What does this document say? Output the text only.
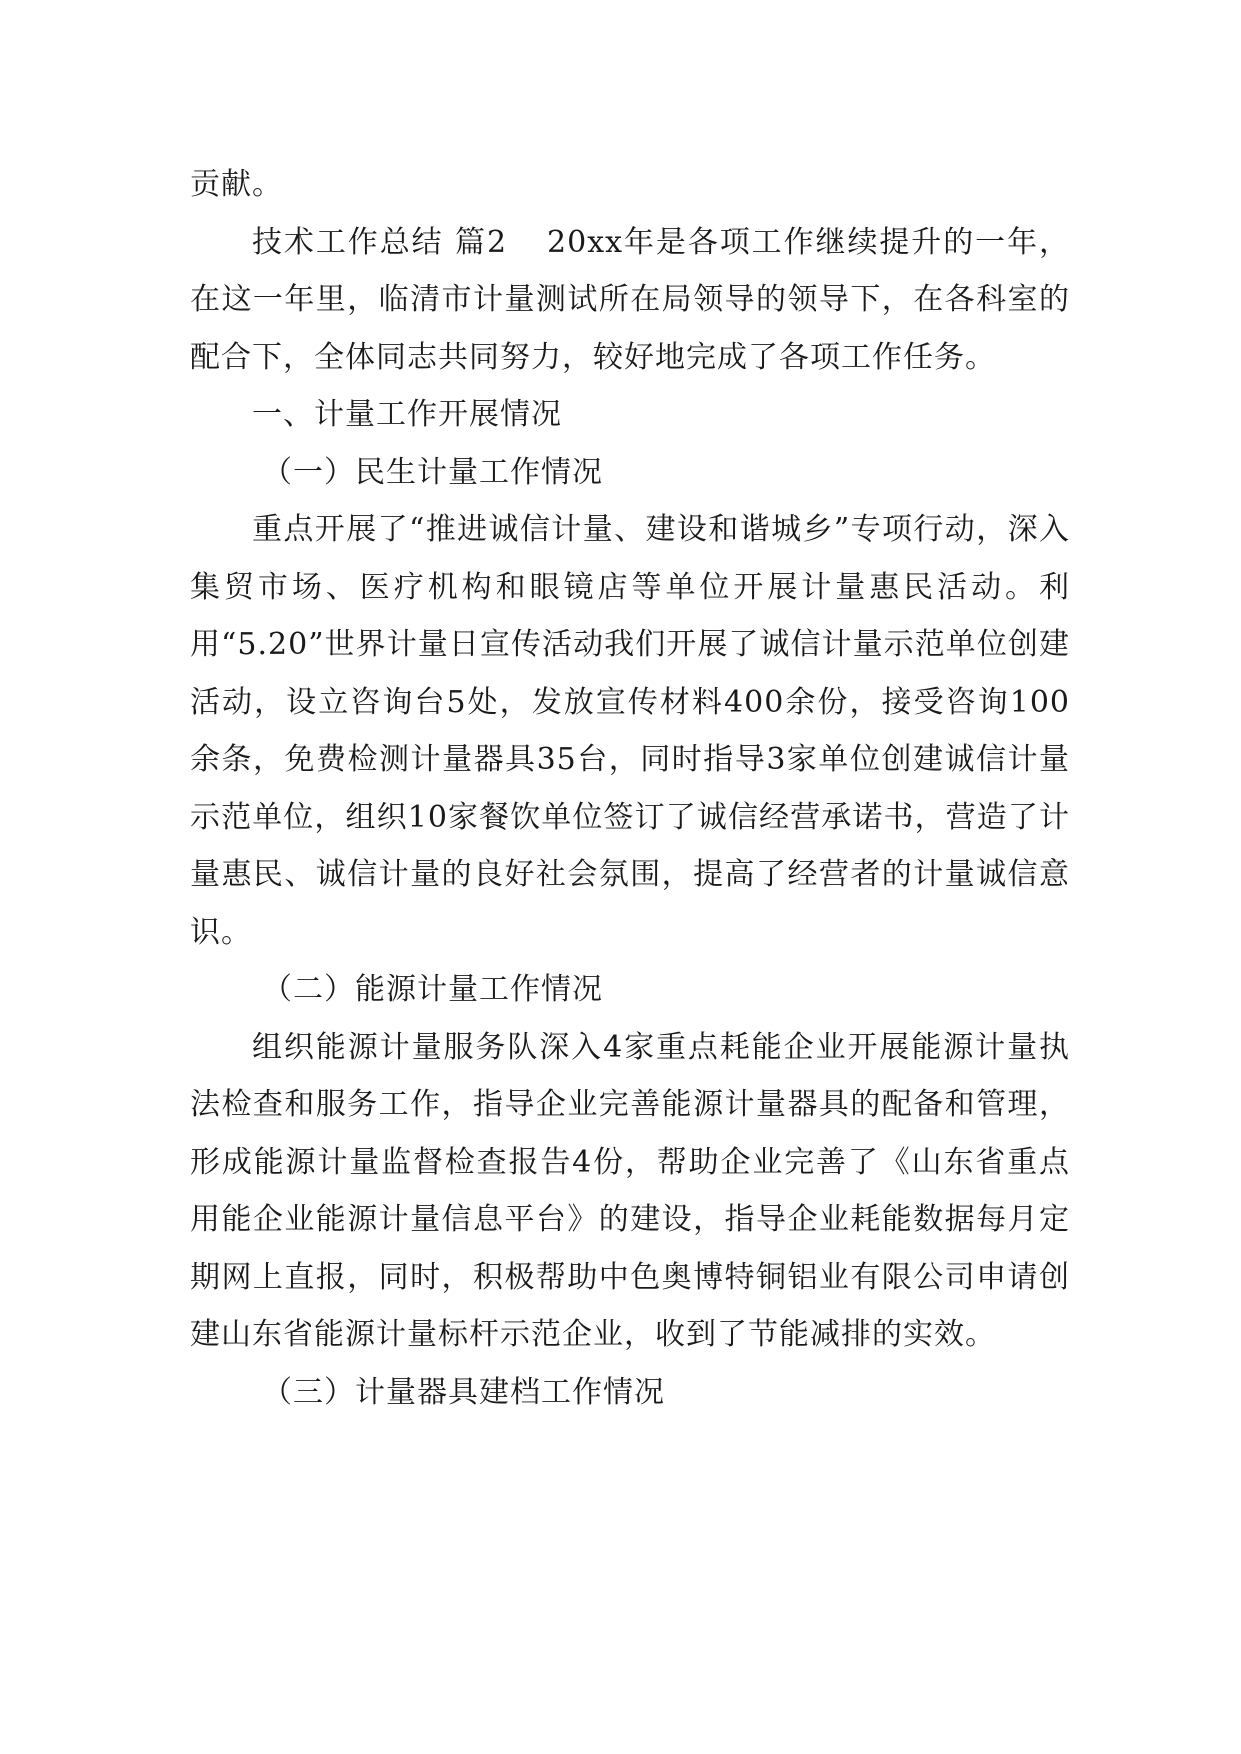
贡献。

技术工作总结 篇2 20xx年是各项工作继续提升的一年，在这一年里，临清市计量测试所在局领导的领导下，在各科室的配合下，全体同志共同努力，较好地完成了各项工作任务。

一、计量工作开展情况

（一）民生计量工作情况

重点开展了“推进诚信计量、建设和谐城乡”专项行动，深入集贸市场、医疗机构和眼镜店等单位开展计量惠民活动。利用“5.20”世界计量日宣传活动我们开展了诚信计量示范单位创建活动，设立咨询台5处，发放宣传材料400余份，接受咨询100余条，免费检测计量器具35台，同时指导3家单位创建诚信计量示范单位，组织10家餐饮单位签订了诚信经营承诺书，营造了计量惠民、诚信计量的良好社会氛围，提高了经营者的计量诚信意识。

（二）能源计量工作情况

组织能源计量服务队深入4家重点耗能企业开展能源计量执法检查和服务工作，指导企业完善能源计量器具的配备和管理，形成能源计量监督检查报告4份，帮助企业完善了《山东省重点用能企业能源计量信息平台》的建设，指导企业耗能数据每月定期网上直报，同时，积极帮助中色奥博特铜铝业有限公司申请创建山东省能源计量标杆示范企业，收到了节能减排的实效。

（三）计量器具建档工作情况
